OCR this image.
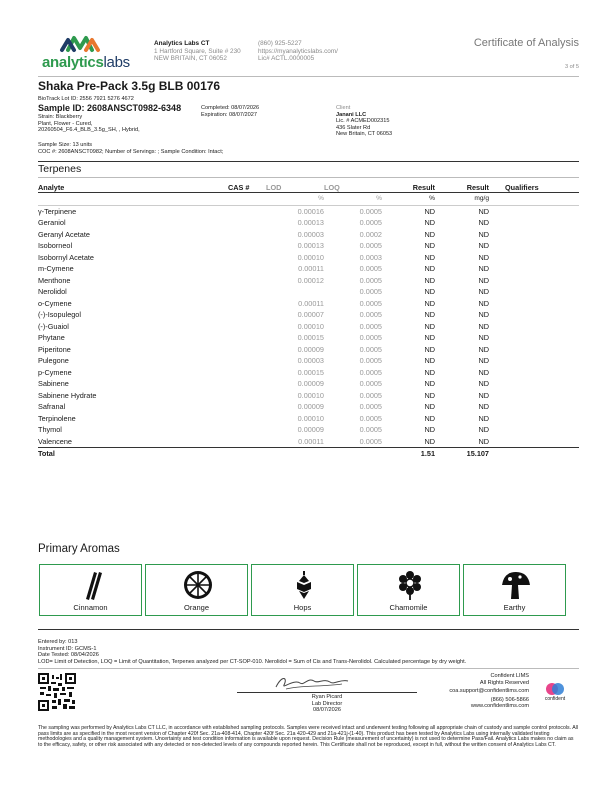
analyticslabs
Analytics Labs CT
1 Hartford Square, Suite # 230
NEW BRITAIN, CT 06052
(860) 925-5227
https://myanalyticslabs.com/
Lic# ACTL.0000005
Certificate of Analysis
3 of 5
Shaka Pre-Pack 3.5g BLB 00176
BioTrack Lot ID: 2556 7921 5276 4672
Sample ID: 2608ANSCT0982-6348	Completed: 08/07/2026
Expiration: 08/07/2027
Strain: Blackberry
Plant, Flower - Cured,
20260504_F6.4_BLB_3.5g_SH, , Hybrid,
Sample Size: 13 units
COC #: 2608ANSCT0982; Number of Servings: ; Sample Condition: Intact;
Client
Janani LLC
Lic. # ACMED002315
436 Slater Rd
New Britain, CT 06053
Terpenes
Analyte	CAS #	LOD	LOQ	Result	Result	Qualifiers
		%	%	%	mg/g	
γ-Terpinene		0.00016	0.0005	ND	ND	
Geraniol		0.00013	0.0005	ND	ND	
Geranyl Acetate		0.00003	0.0002	ND	ND	
Isoborneol		0.00013	0.0005	ND	ND	
Isobornyl Acetate		0.00010	0.0003	ND	ND	
m-Cymene		0.00011	0.0005	ND	ND	
Menthone		0.00012	0.0005	ND	ND	
Nerolidol			0.0005	ND	ND	
o-Cymene		0.00011	0.0005	ND	ND	
(-)-Isopulegol		0.00007	0.0005	ND	ND	
(-)-Guaiol		0.00010	0.0005	ND	ND	
Phytane		0.00015	0.0005	ND	ND	
Piperitone		0.00009	0.0005	ND	ND	
Pulegone		0.00003	0.0005	ND	ND	
p-Cymene		0.00015	0.0005	ND	ND	
Sabinene		0.00009	0.0005	ND	ND	
Sabinene Hydrate		0.00010	0.0005	ND	ND	
Safranal		0.00009	0.0005	ND	ND	
Terpinolene		0.00010	0.0005	ND	ND	
Thymol		0.00009	0.0005	ND	ND	
Valencene		0.00011	0.0005	ND	ND	
Total				1.51	15.107	
Primary Aromas
Cinnamon	Orange	Hops	Chamomile	Earthy
Entered by: 013
Instrument ID: GCMS-1
Date Tested: 08/04/2026
LOD= Limit of Detection, LOQ = Limit of Quantitation, Terpenes analyzed per CT-SOP-010. Nerolidol = Sum of Cis and Trans-Nerolidol. Calculated percentage by dry weight.
Ryan Picard
Lab Director
08/07/2026
Confident LIMS
All Rights Reserved
coa.support@confidentlims.com
(866) 506-5866
www.confidentlims.com
confident
The sampling was performed by Analytics Labs CT LLC, in accordance with established sampling protocols. Samples were received intact and underwent testing following all appropriate chain of custody and sample control protocols. All pass limits are as specified in the most recent version of Chapter 420f Sec. 21a-408-414, Chapter 420f Sec. 21a 420-429 and 21a-421j-(1-40). This product has been tested by Analytics Labs using internally validated testing methodologies and a quality management system. Uncertainty and test condition information is available upon request. Decision Rule (measurement of uncertainty) is not used to determine Pass/Fail. Analytics Labs makes no claim as to the efficacy, safety, or other risk associated with any detected or non-detected levels of any compounds reported herein. This Certificate shall not be reproduced, except in full, without the written consent of Analytics Labs CT.
